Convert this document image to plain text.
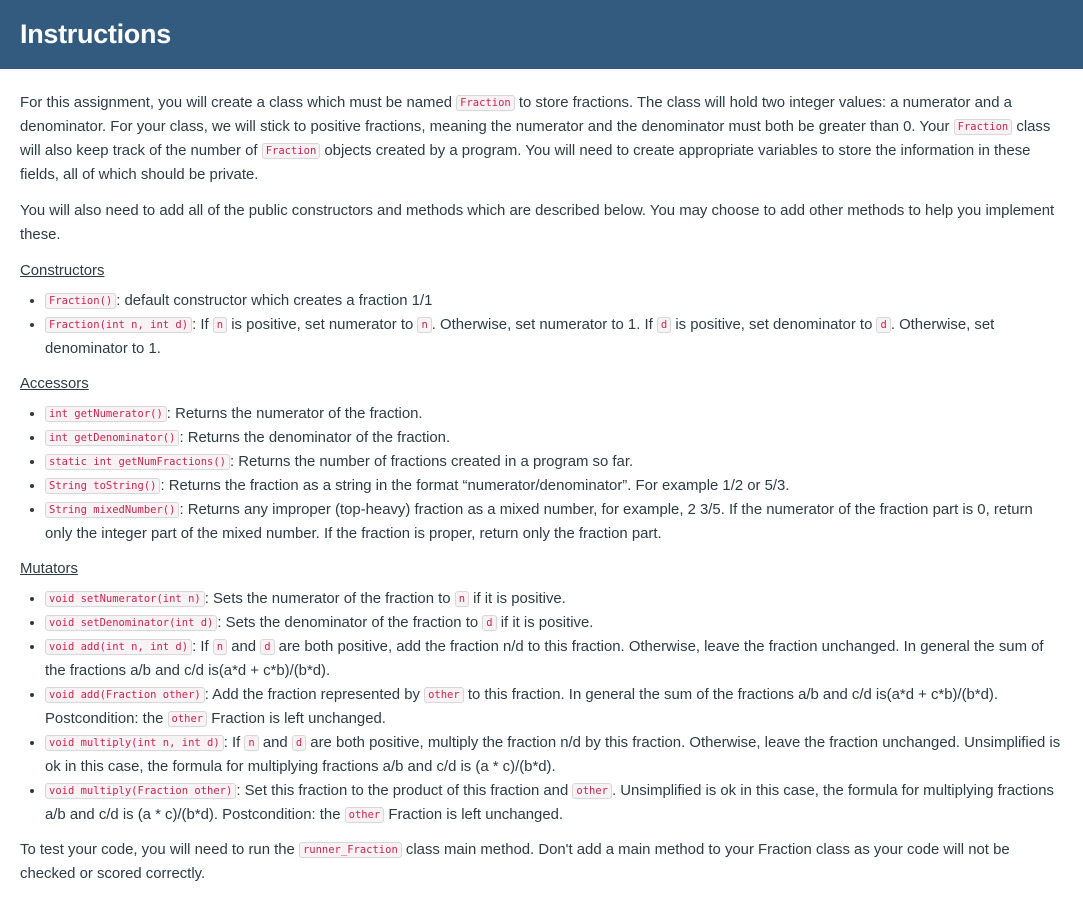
Instructions

For this assignment, you will create a class which must be named Fraction to store fractions. The class will hold two integer values: a numerator and a denominator. For your class, we will stick to positive fractions, meaning the numerator and the denominator must both be greater than 0. Your Fraction class will also keep track of the number of Fraction objects created by a program. You will need to create appropriate variables to store the information in these fields, all of which should be private.

You will also need to add all of the public constructors and methods which are described below. You may choose to add other methods to help you implement these.

Constructors

• Fraction() : default constructor which creates a fraction 1/1
• Fraction(int n, int d) : If n is positive, set numerator to n . Otherwise, set numerator to 1. If d is positive, set denominator to d . Otherwise, set denominator to 1.

Accessors

• int getNumerator() : Returns the numerator of the fraction.
• int getDenominator() : Returns the denominator of the fraction.
• static int getNumFractions() : Returns the number of fractions created in a program so far.
• String toString() : Returns the fraction as a string in the format “numerator/denominator”. For example 1/2 or 5/3.
• String mixedNumber() : Returns any improper (top-heavy) fraction as a mixed number, for example, 2 3/5. If the numerator of the fraction part is 0, return only the integer part of the mixed number. If the fraction is proper, return only the fraction part.

Mutators

• void setNumerator(int n) : Sets the numerator of the fraction to n if it is positive.
• void setDenominator(int d) : Sets the denominator of the fraction to d if it is positive.
• void add(int n, int d) : If n and d are both positive, add the fraction n/d to this fraction. Otherwise, leave the fraction unchanged. In general the sum of the fractions a/b and c/d is(a*d + c*b)/(b*d).
• void add(Fraction other) : Add the fraction represented by other to this fraction. In general the sum of the fractions a/b and c/d is(a*d + c*b)/(b*d). Postcondition: the other Fraction is left unchanged.
• void multiply(int n, int d) : If n and d are both positive, multiply the fraction n/d by this fraction. Otherwise, leave the fraction unchanged. Unsimplified is ok in this case, the formula for multiplying fractions a/b and c/d is (a * c)/(b*d).
• void multiply(Fraction other) : Set this fraction to the product of this fraction and other . Unsimplified is ok in this case, the formula for multiplying fractions a/b and c/d is (a * c)/(b*d). Postcondition: the other Fraction is left unchanged.

To test your code, you will need to run the runner_Fraction class main method. Don't add a main method to your Fraction class as your code will not be checked or scored correctly.
